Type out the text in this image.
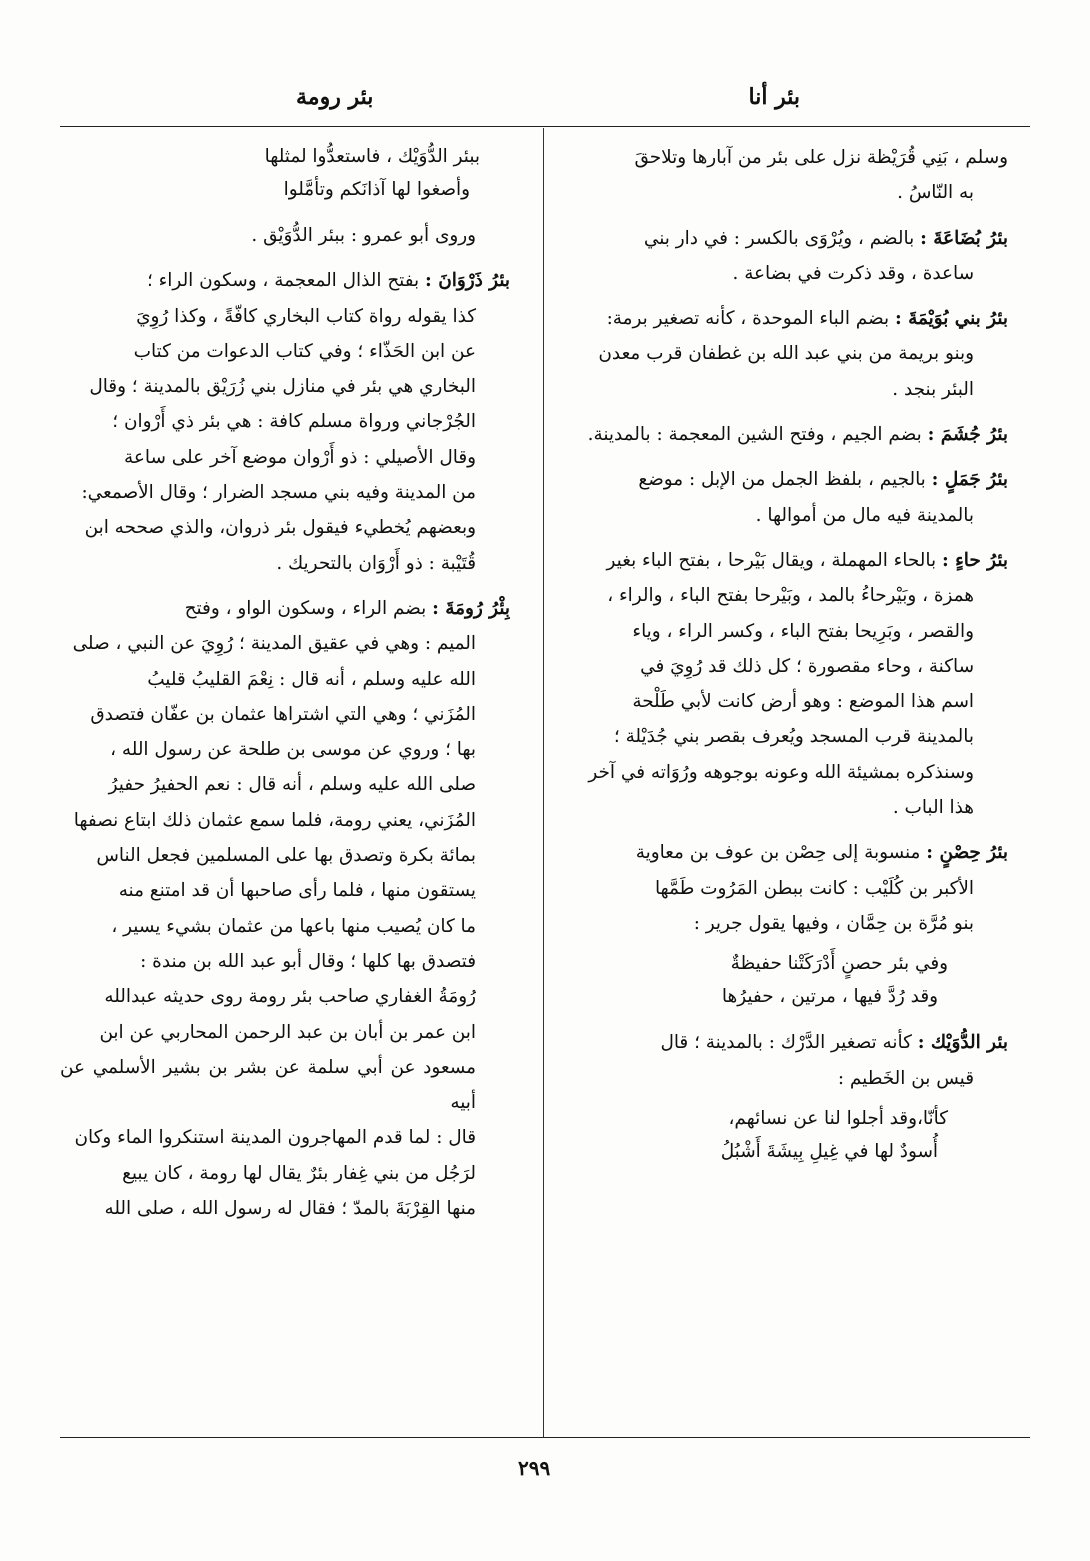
بئر أنا
بئر رومة

وسلم ، بَنِي قُرَيْظة نزل على بئر من آبارها وتلاحقَ

به النّاسُ .

بئرُ بُضَاعَةَ : بالضم ، ويُرْوَى بالكسر : في دار بني

ساعدة ، وقد ذكرت في بضاعة .

بئرُ بني بُوَيْمَةَ : بضم الباء الموحدة ، كأنه تصغير برمة:

وبنو بريمة من بني عبد الله بن غطفان قرب معدن

البئر بنجد .

بئرُ جُشَمَ : بضم الجيم ، وفتح الشين المعجمة : بالمدينة.

بئرُ جَمَلٍ : بالجيم ، بلفظ الجمل من الإبل : موضع

بالمدينة فيه مال من أموالها .

بئرُ حاءٍ : بالحاء المهملة ، ويقال بَيْرحا ، بفتح الباء بغير

همزة ، وبَيْرحاءُ بالمد ، وبَيْرحا بفتح الباء ، والراء ،

والقصر ، وبَرِيحا بفتح الباء ، وكسر الراء ، وياء

ساكنة ، وحاء مقصورة ؛ كل ذلك قد رُوِيَ في

اسم هذا الموضع : وهو أرض كانت لأبي طَلْحة

بالمدينة قرب المسجد ويُعرف بقصر بني جُدَيْلة ؛

وسنذكره بمشيئة الله وعونه بوجوهه ورُوَاته في آخر

هذا الباب .

بئرُ حِصْنٍ : منسوبة إلى حِصْن بن عوف بن معاوية

الأكبر بن كُلَيْب : كانت ببطن المَرُوت طَمَّها

بنو مُرَّة بن حِمَّان ، وفيها يقول جرير :

وفي بئر حصنٍ أَدْرَكَتْنا حفيظةٌ
وقد رُدَّ فيها ، مرتين ، حفيرُها

بئر الدُّوَيْك : كأنه تصغير الدَّرْك : بالمدينة ؛ قال

قيس بن الخَطيم :

كأنّا،وقد أجلوا لنا عن نسائهم،
أُسودٌ لها في غِيلِ بِيشَةَ أَشْبُلُ
ببئر الدُّوَيْك ، فاستعدُّوا لمثلها
وأصغوا لها آذانَكم وتأمَّلوا

وروى أبو عمرو : ببئر الدُّوَيْق .

بئرُ ذَرْوَانَ : بفتح الذال المعجمة ، وسكون الراء ؛

كذا يقوله رواة كتاب البخاري كافّةً ، وكذا رُوِيَ

عن ابن الحَذّاء ؛ وفي كتاب الدعوات من كتاب

البخاري هي بئر في منازل بني زُرَيْق بالمدينة ؛ وقال

الجُرْجاني ورواة مسلم كافة : هي بئر ذي أَرْوان ؛

وقال الأصيلي : ذو أَرْوان موضع آخر على ساعة

من المدينة وفيه بني مسجد الضرار ؛ وقال الأصمعي:

وبعضهم يُخطيء فيقول بئر ذروان، والذي صححه ابن

قُتَيْبة : ذو أَرْوَان بالتحريك .

بِئْرُ رُومَةَ : بضم الراء ، وسكون الواو ، وفتح

الميم : وهي في عقيق المدينة ؛ رُوِيَ عن النبي ، صلى

الله عليه وسلم ، أنه قال : نِعْمَ القليبُ قليبُ

المُزَني ؛ وهي التي اشتراها عثمان بن عفّان فتصدق

بها ؛ وروي عن موسى بن طلحة عن رسول الله ،

صلى الله عليه وسلم ، أنه قال : نعم الحفيرُ حفيرُ

المُزَني، يعني رومة، فلما سمع عثمان ذلك ابتاع نصفها

بمائة بكرة وتصدق بها على المسلمين فجعل الناس

يستقون منها ، فلما رأى صاحبها أن قد امتنع منه

ما كان يُصيب منها باعها من عثمان بشيء يسير ،

فتصدق بها كلها ؛ وقال أبو عبد الله بن مندة :

رُومَةُ الغفاري صاحب بئر رومة روى حديثه عبدالله

ابن عمر بن أبان بن عبد الرحمن المحاربي عن ابن

مسعود عن أبي سلمة عن بشر بن بشير الأسلمي عن أبيه

قال : لما قدم المهاجرون المدينة استنكروا الماء وكان

لرَجُل من بني غِفار بئرٌ يقال لها رومة ، كان يبيع

منها القِرْبَةَ بالمدّ ؛ فقال له رسول الله ، صلى الله

٢٩٩
